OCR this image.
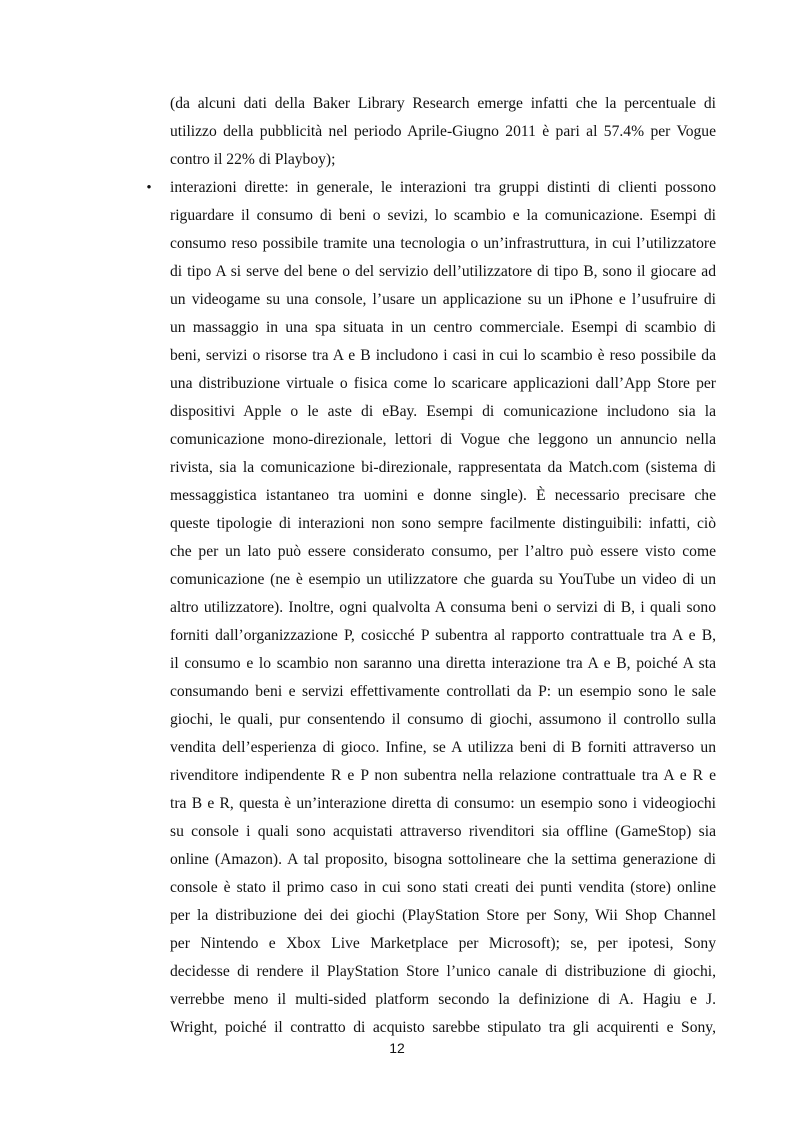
•
(da alcuni dati della Baker Library Research emerge infatti che la percentuale di
utilizzo della pubblicità nel periodo Aprile-Giugno 2011 è pari al 57.4% per Vogue
contro il 22% di Playboy);
interazioni dirette: in generale, le interazioni tra gruppi distinti di clienti possono
riguardare il consumo di beni o sevizi, lo scambio e la comunicazione. Esempi di
consumo reso possibile tramite una tecnologia o un’infrastruttura, in cui l’utilizzatore
di tipo A si serve del bene o del servizio dell’utilizzatore di tipo B, sono il giocare ad
un videogame su una console, l’usare un applicazione su un iPhone e l’usufruire di
un massaggio in una spa situata in un centro commerciale. Esempi di scambio di
beni, servizi o risorse tra A e B includono i casi in cui lo scambio è reso possibile da
una distribuzione virtuale o fisica come lo scaricare applicazioni dall’App Store per
dispositivi Apple o le aste di eBay. Esempi di comunicazione includono sia la
comunicazione mono-direzionale, lettori di Vogue che leggono un annuncio nella
rivista, sia la comunicazione bi-direzionale, rappresentata da Match.com (sistema di
messaggistica istantaneo tra uomini e donne single). È necessario precisare che
queste tipologie di interazioni non sono sempre facilmente distinguibili: infatti, ciò
che per un lato può essere considerato consumo, per l’altro può essere visto come
comunicazione (ne è esempio un utilizzatore che guarda su YouTube un video di un
altro utilizzatore). Inoltre, ogni qualvolta A consuma beni o servizi di B, i quali sono
forniti dall’organizzazione P, cosicché P subentra al rapporto contrattuale tra A e B,
il consumo e lo scambio non saranno una diretta interazione tra A e B, poiché A sta
consumando beni e servizi effettivamente controllati da P: un esempio sono le sale
giochi, le quali, pur consentendo il consumo di giochi, assumono il controllo sulla
vendita dell’esperienza di gioco. Infine, se A utilizza beni di B forniti attraverso un
rivenditore indipendente R e P non subentra nella relazione contrattuale tra A e R e
tra B e R, questa è un’interazione diretta di consumo: un esempio sono i videogiochi
su console i quali sono acquistati attraverso rivenditori sia offline (GameStop) sia
online (Amazon). A tal proposito, bisogna sottolineare che la settima generazione di
console è stato il primo caso in cui sono stati creati dei punti vendita (store) online
per la distribuzione dei dei giochi (PlayStation Store per Sony, Wii Shop Channel
per Nintendo e Xbox Live Marketplace per Microsoft); se, per ipotesi, Sony
decidesse di rendere il PlayStation Store l’unico canale di distribuzione di giochi,
verrebbe meno il multi-sided platform secondo la definizione di A. Hagiu e J.
Wright, poiché il contratto di acquisto sarebbe stipulato tra gli acquirenti e Sony,
12
